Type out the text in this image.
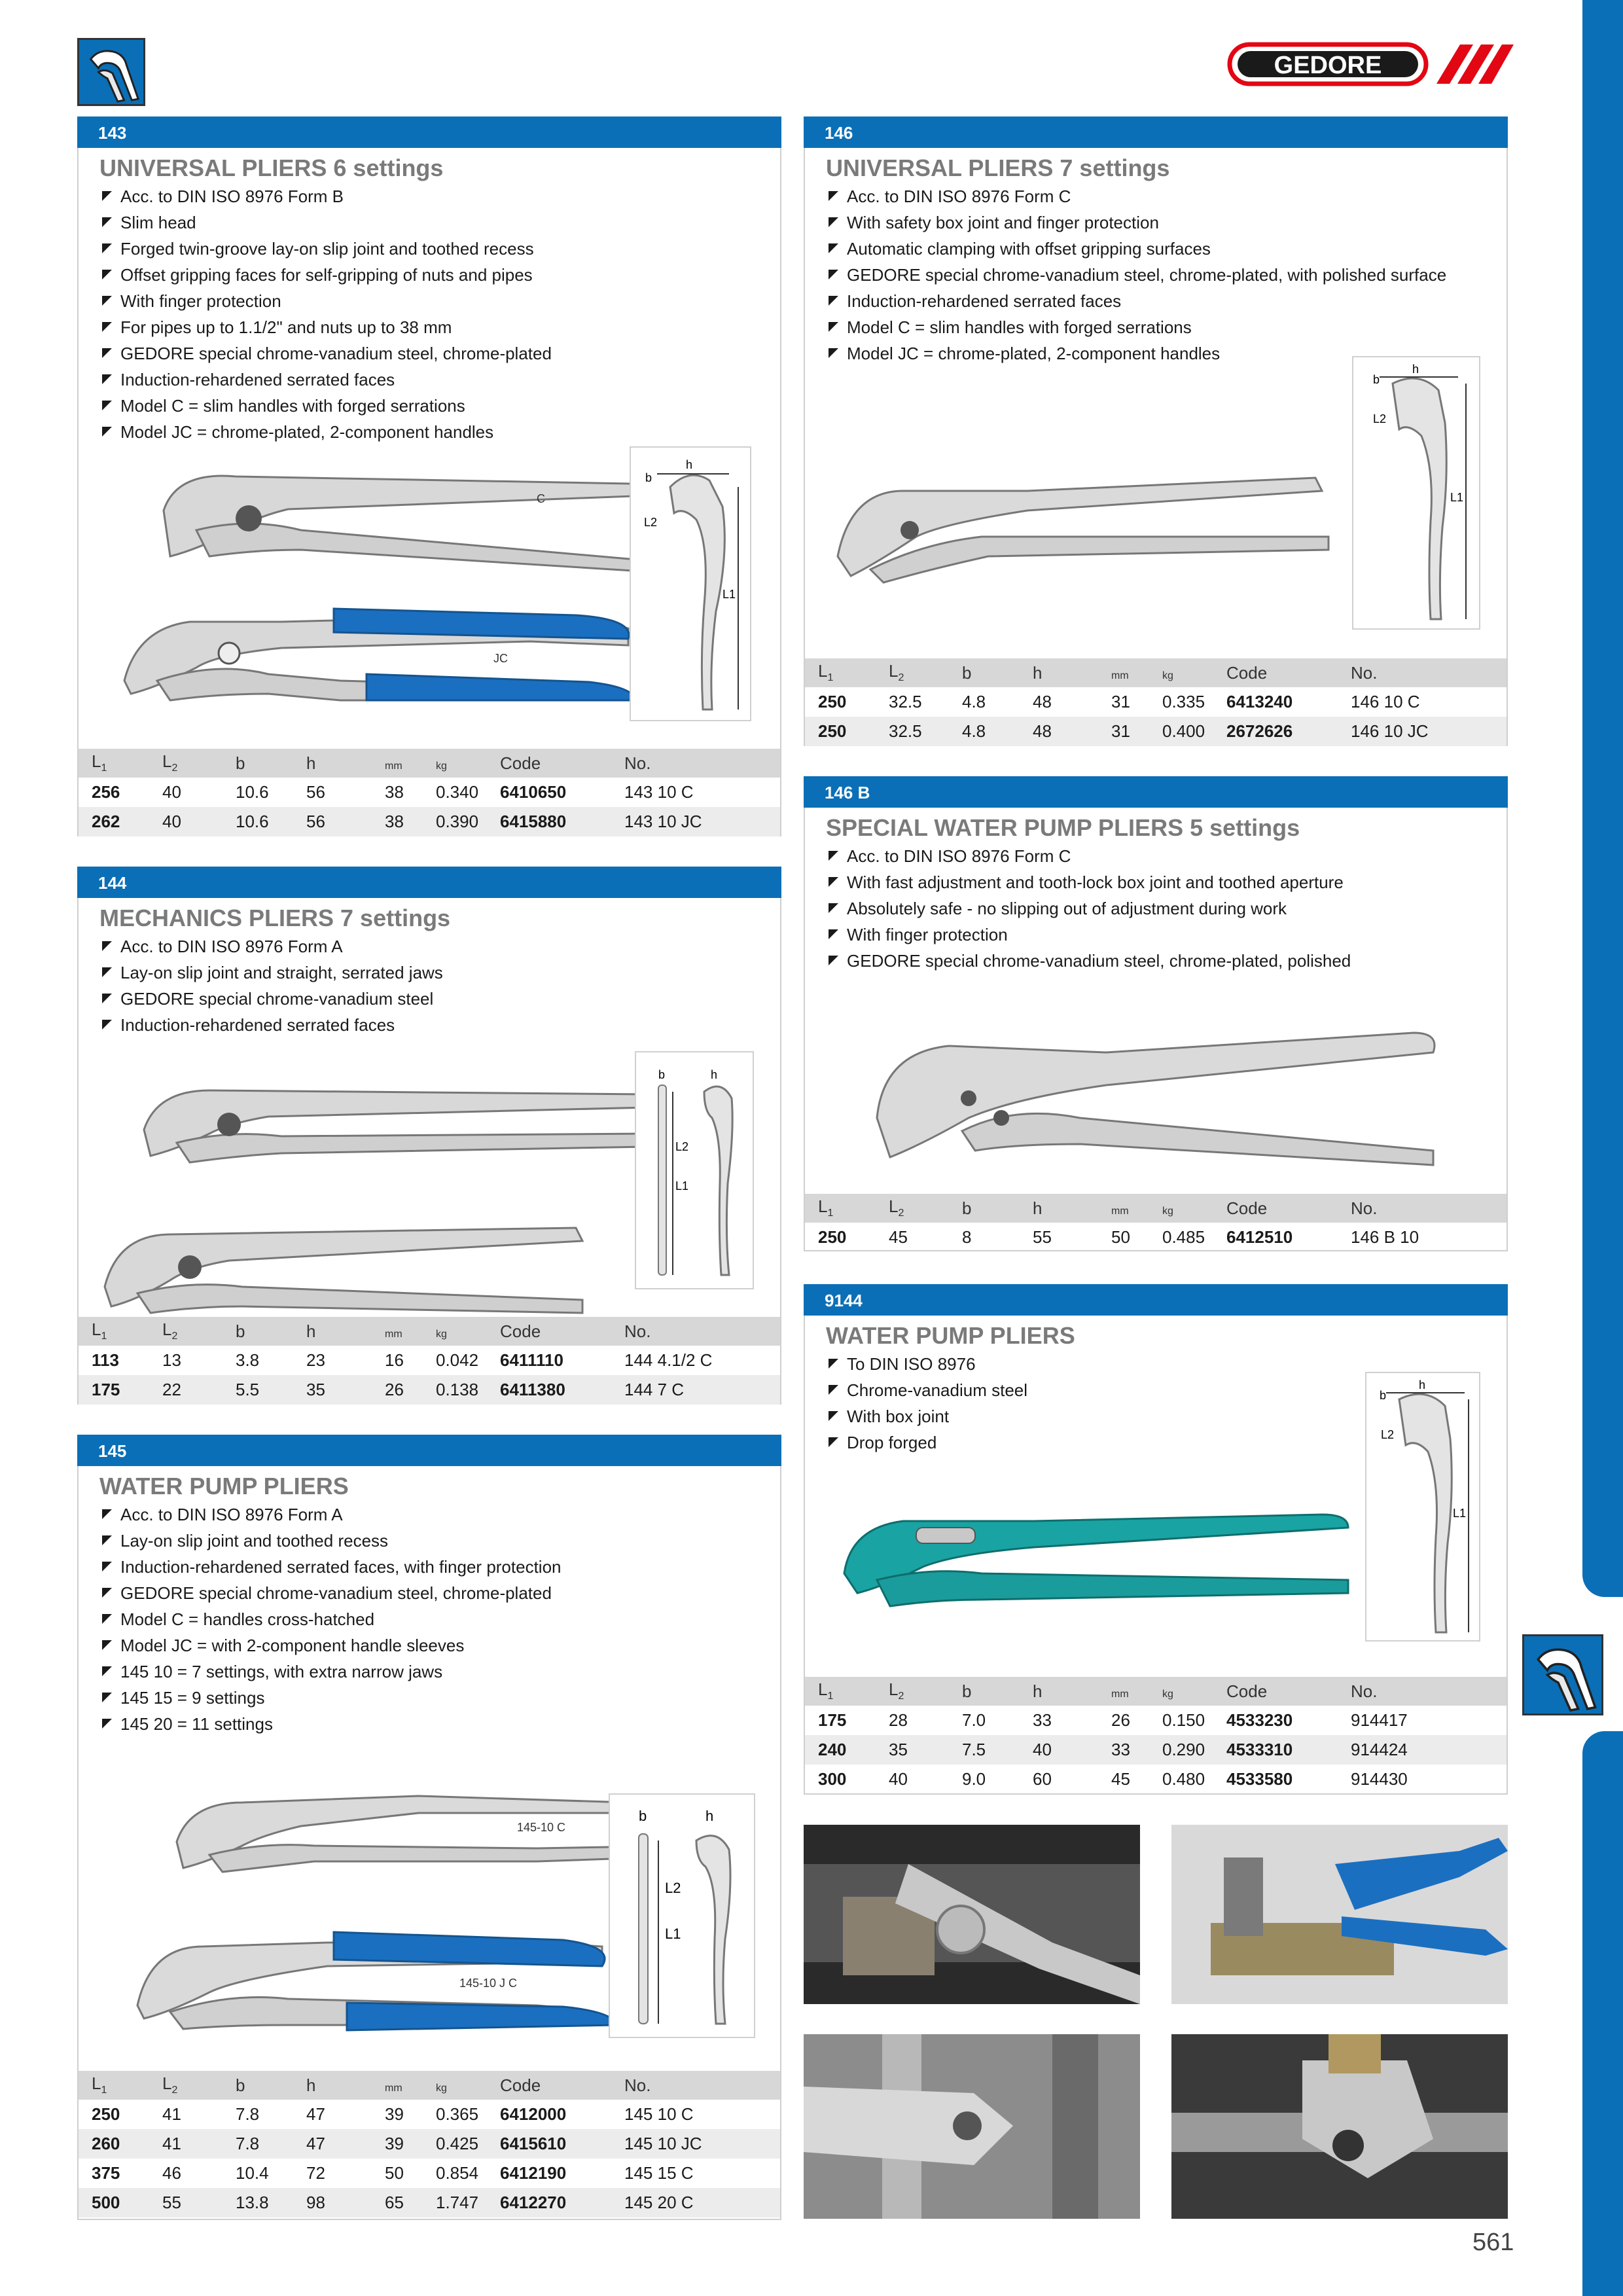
GEDORE
143
UNIVERSAL PLIERS 6 settings
Acc. to DIN ISO 8976 Form B
Slim head
Forged twin-groove lay-on slip joint and toothed recess
Offset gripping faces for self-gripping of nuts and pipes
With finger protection
For pipes up to 1.1/2" and nuts up to 38 mm
GEDORE special chrome-vanadium steel, chrome-plated
Induction-rehardened serrated faces
Model C = slim handles with forged serrations
Model JC = chrome-plated, 2-component handles
C
JC
h
b
L2
L1
$L_1$	$L_2$	b	h	mm	kg	Code	No.
256	40	10.6	56	38	0.340	6410650	143 10 C
262	40	10.6	56	38	0.390	6415880	143 10 JC
144
MECHANICS PLIERS 7 settings
Acc. to DIN ISO 8976 Form A
Lay-on slip joint and straight, serrated jaws
GEDORE special chrome-vanadium steel
Induction-rehardened serrated faces
b	h
L2
L1
$L_1$	$L_2$	b	h	mm	kg	Code	No.
113	13	3.8	23	16	0.042	6411110	144 4.1/2 C
175	22	5.5	35	26	0.138	6411380	144 7 C
145
WATER PUMP PLIERS
Acc. to DIN ISO 8976 Form A
Lay-on slip joint and toothed recess
Induction-rehardened serrated faces, with finger protection
GEDORE special chrome-vanadium steel, chrome-plated
Model C = handles cross-hatched
Model JC = with 2-component handle sleeves
145 10 = 7 settings, with extra narrow jaws
145 15 = 9 settings
145 20 = 11 settings
145-10 C
145-10 J C
b	h
L2
L1
$L_1$	$L_2$	b	h	mm	kg	Code	No.
250	41	7.8	47	39	0.365	6412000	145 10 C
260	41	7.8	47	39	0.425	6415610	145 10 JC
375	46	10.4	72	50	0.854	6412190	145 15 C
500	55	13.8	98	65	1.747	6412270	145 20 C
146
UNIVERSAL PLIERS 7 settings
Acc. to DIN ISO 8976 Form C
With safety box joint and finger protection
Automatic clamping with offset gripping surfaces
GEDORE special chrome-vanadium steel, chrome-plated, with polished surface
Induction-rehardened serrated faces
Model C = slim handles with forged serrations
Model JC = chrome-plated, 2-component handles
h
b
L2
L1
$L_1$	$L_2$	b	h	mm	kg	Code	No.
250	32.5	4.8	48	31	0.335	6413240	146 10 C
250	32.5	4.8	48	31	0.400	2672626	146 10 JC
146 B
SPECIAL WATER PUMP PLIERS 5 settings
Acc. to DIN ISO 8976 Form C
With fast adjustment and tooth-lock box joint and toothed aperture
Absolutely safe - no slipping out of adjustment during work
With finger protection
GEDORE special chrome-vanadium steel, chrome-plated, polished
$L_1$	$L_2$	b	h	mm	kg	Code	No.
250	45	8	55	50	0.485	6412510	146 B 10
9144
WATER PUMP PLIERS
To DIN ISO 8976
Chrome-vanadium steel
With box joint
Drop forged
h
b
L2
L1
$L_1$	$L_2$	b	h	mm	kg	Code	No.
175	28	7.0	33	26	0.150	4533230	914417
240	35	7.5	40	33	0.290	4533310	914424
300	40	9.0	60	45	0.480	4533580	914430
561
